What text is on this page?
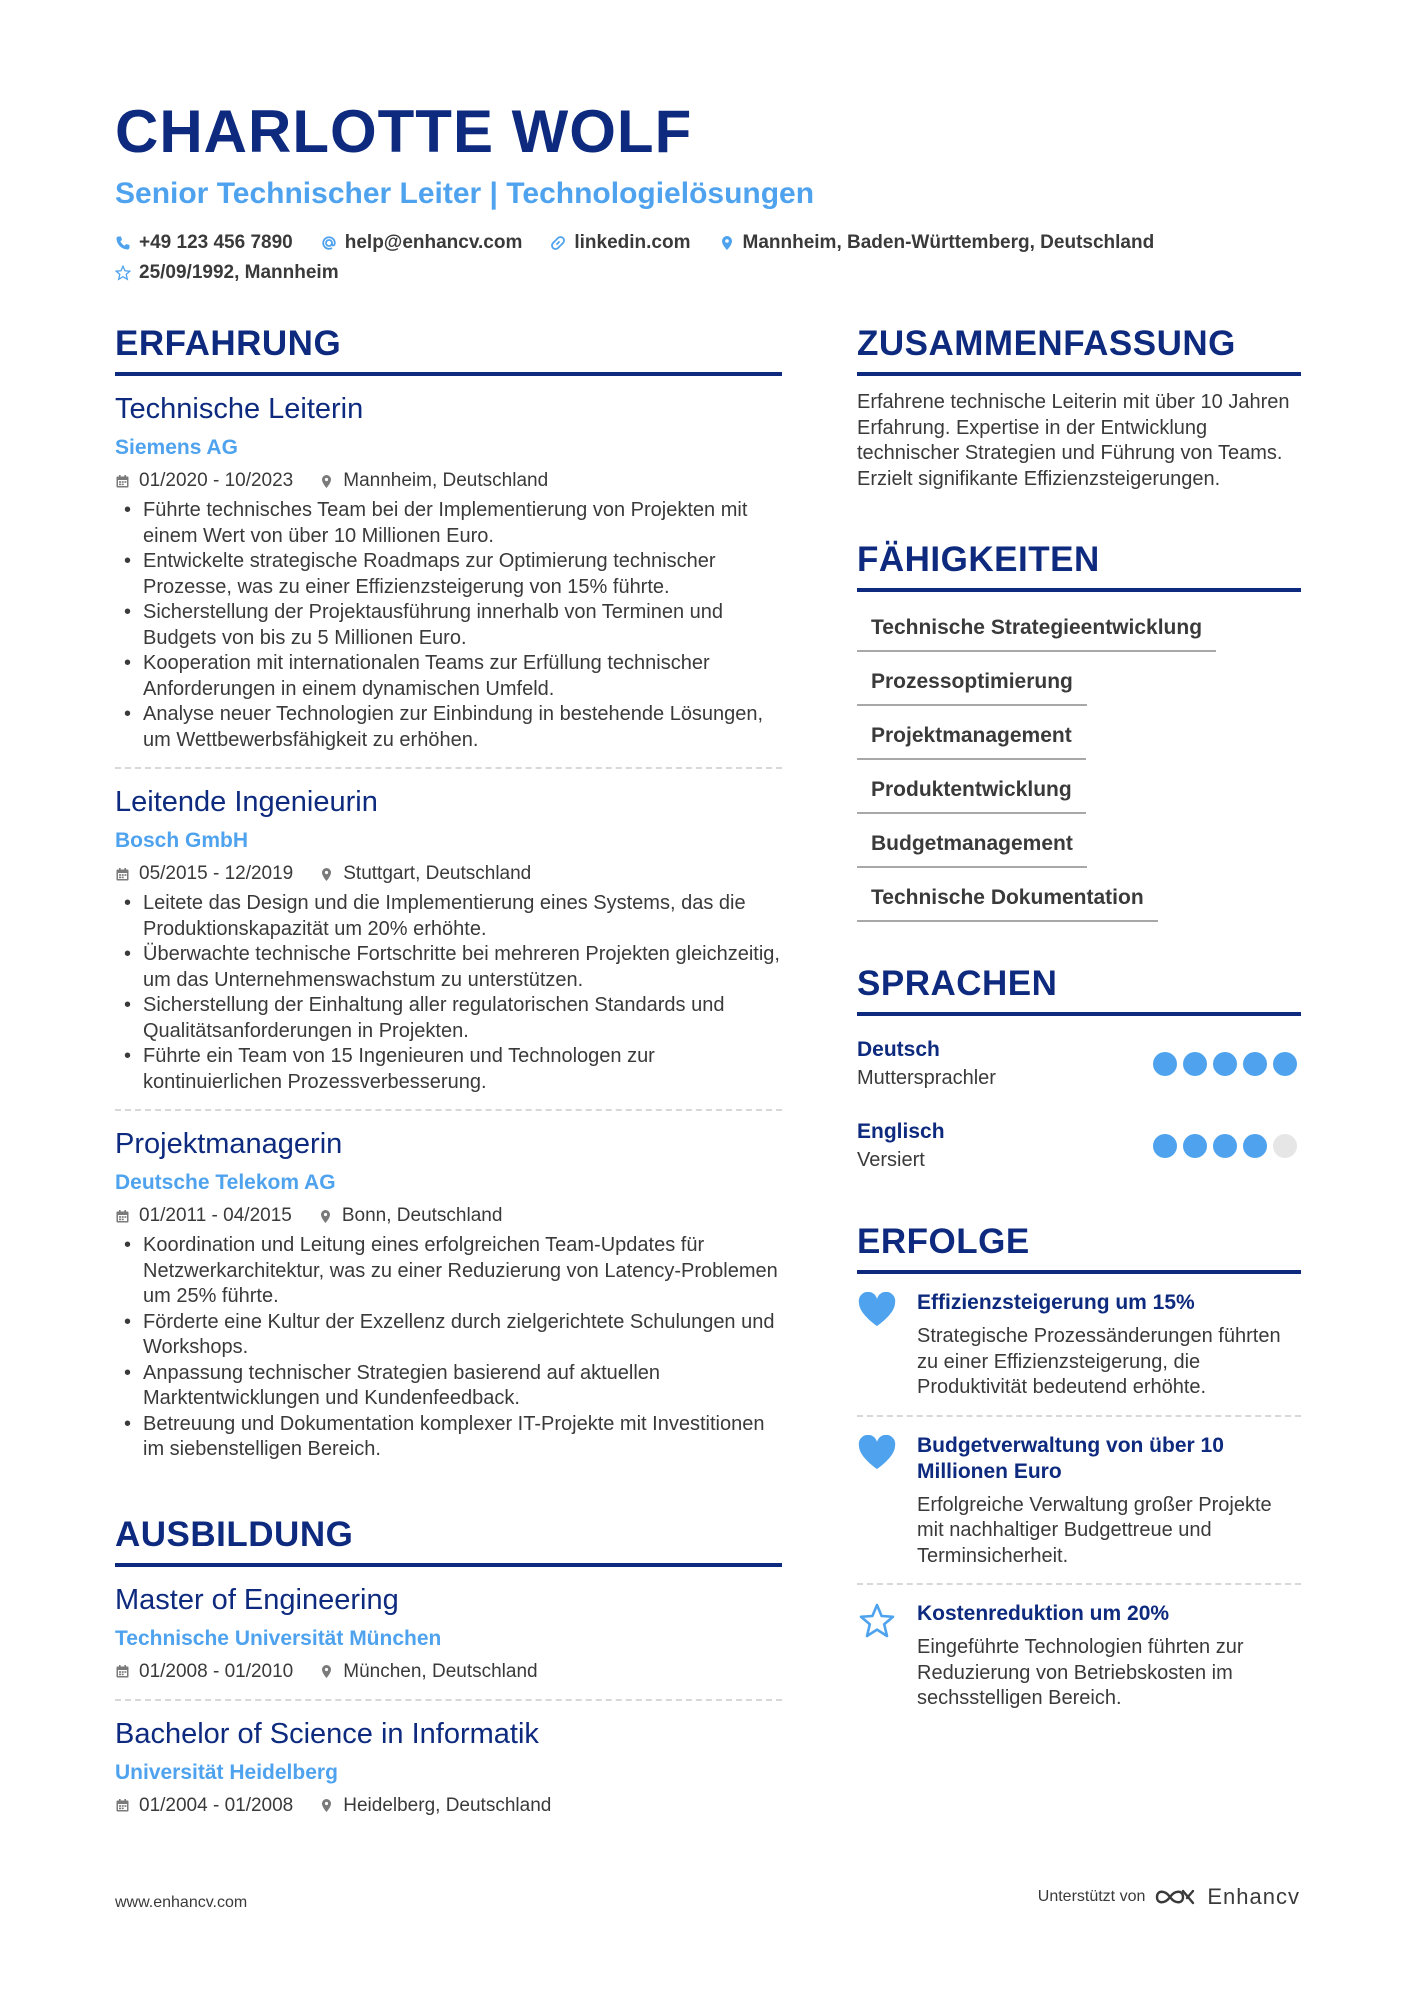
CHARLOTTE WOLF
Senior Technischer Leiter | Technologielösungen
+49 123 456 7890	help@enhancv.com	linkedin.com	Mannheim, Baden-Württemberg, Deutschland
25/09/1992, Mannheim
ERFAHRUNG
Technische Leiterin
Siemens AG
01/2020 - 10/2023	Mannheim, Deutschland
• Führte technisches Team bei der Implementierung von Projekten mit einem Wert von über 10 Millionen Euro.
• Entwickelte strategische Roadmaps zur Optimierung technischer Prozesse, was zu einer Effizienzsteigerung von 15% führte.
• Sicherstellung der Projektausführung innerhalb von Terminen und Budgets von bis zu 5 Millionen Euro.
• Kooperation mit internationalen Teams zur Erfüllung technischer Anforderungen in einem dynamischen Umfeld.
• Analyse neuer Technologien zur Einbindung in bestehende Lösungen, um Wettbewerbsfähigkeit zu erhöhen.
Leitende Ingenieurin
Bosch GmbH
05/2015 - 12/2019	Stuttgart, Deutschland
• Leitete das Design und die Implementierung eines Systems, das die Produktionskapazität um 20% erhöhte.
• Überwachte technische Fortschritte bei mehreren Projekten gleichzeitig, um das Unternehmenswachstum zu unterstützen.
• Sicherstellung der Einhaltung aller regulatorischen Standards und Qualitätsanforderungen in Projekten.
• Führte ein Team von 15 Ingenieuren und Technologen zur kontinuierlichen Prozessverbesserung.
Projektmanagerin
Deutsche Telekom AG
01/2011 - 04/2015	Bonn, Deutschland
• Koordination und Leitung eines erfolgreichen Team-Updates für Netzwerkarchitektur, was zu einer Reduzierung von Latency-Problemen um 25% führte.
• Förderte eine Kultur der Exzellenz durch zielgerichtete Schulungen und Workshops.
• Anpassung technischer Strategien basierend auf aktuellen Marktentwicklungen und Kundenfeedback.
• Betreuung und Dokumentation komplexer IT-Projekte mit Investitionen im siebenstelligen Bereich.
AUSBILDUNG
Master of Engineering
Technische Universität München
01/2008 - 01/2010	München, Deutschland
Bachelor of Science in Informatik
Universität Heidelberg
01/2004 - 01/2008	Heidelberg, Deutschland
ZUSAMMENFASSUNG
Erfahrene technische Leiterin mit über 10 Jahren Erfahrung. Expertise in der Entwicklung technischer Strategien und Führung von Teams. Erzielt signifikante Effizienzsteigerungen.
FÄHIGKEITEN
Technische Strategieentwicklung
Prozessoptimierung
Projektmanagement
Produktentwicklung
Budgetmanagement
Technische Dokumentation
SPRACHEN
Deutsch
Muttersprachler
Englisch
Versiert
ERFOLGE
Effizienzsteigerung um 15%
Strategische Prozessänderungen führten zu einer Effizienzsteigerung, die Produktivität bedeutend erhöhte.
Budgetverwaltung von über 10 Millionen Euro
Erfolgreiche Verwaltung großer Projekte mit nachhaltiger Budgettreue und Terminsicherheit.
Kostenreduktion um 20%
Eingeführte Technologien führten zur Reduzierung von Betriebskosten im sechsstelligen Bereich.
www.enhancv.com	Unterstützt von	Enhancv
